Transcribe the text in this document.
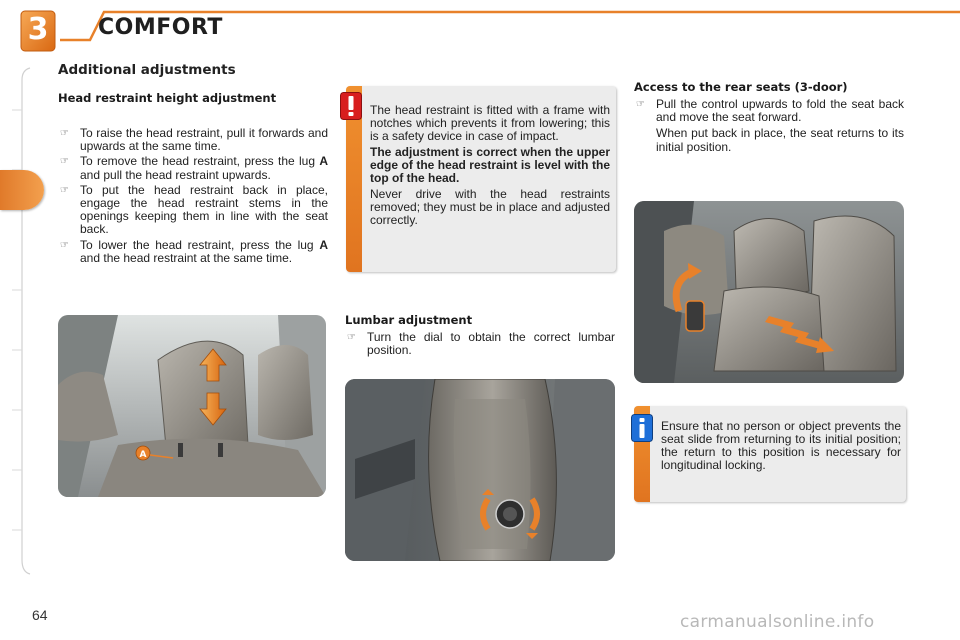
3	COMFORT
Additional adjustments
Head restraint height adjustment
☞ To raise the head restraint, pull it forwards and upwards at the same time.
☞ To remove the head restraint, press the lug A and pull the head restraint upwards.
☞ To put the head restraint back in place, engage the head restraint stems in the openings keeping them in line with the seat back.
☞ To lower the head restraint, press the lug A and the head restraint at the same time.
A

The head restraint is fitted with a frame with notches which prevents it from lowering; this is a safety device in case of impact.

The adjustment is correct when the upper edge of the head restraint is level with the top of the head.

Never drive with the head restraints removed; they must be in place and adjusted correctly.

Lumbar adjustment
☞ Turn the dial to obtain the correct lumbar position.
Access to the rear seats (3-door)
☞ Pull the control upwards to fold the seat back and move the seat forward.
When put back in place, the seat returns to its initial position.
Ensure that no person or object prevents the seat slide from returning to its initial position; the return to this position is necessary for longitudinal locking.
64	carmanualsonline.info
